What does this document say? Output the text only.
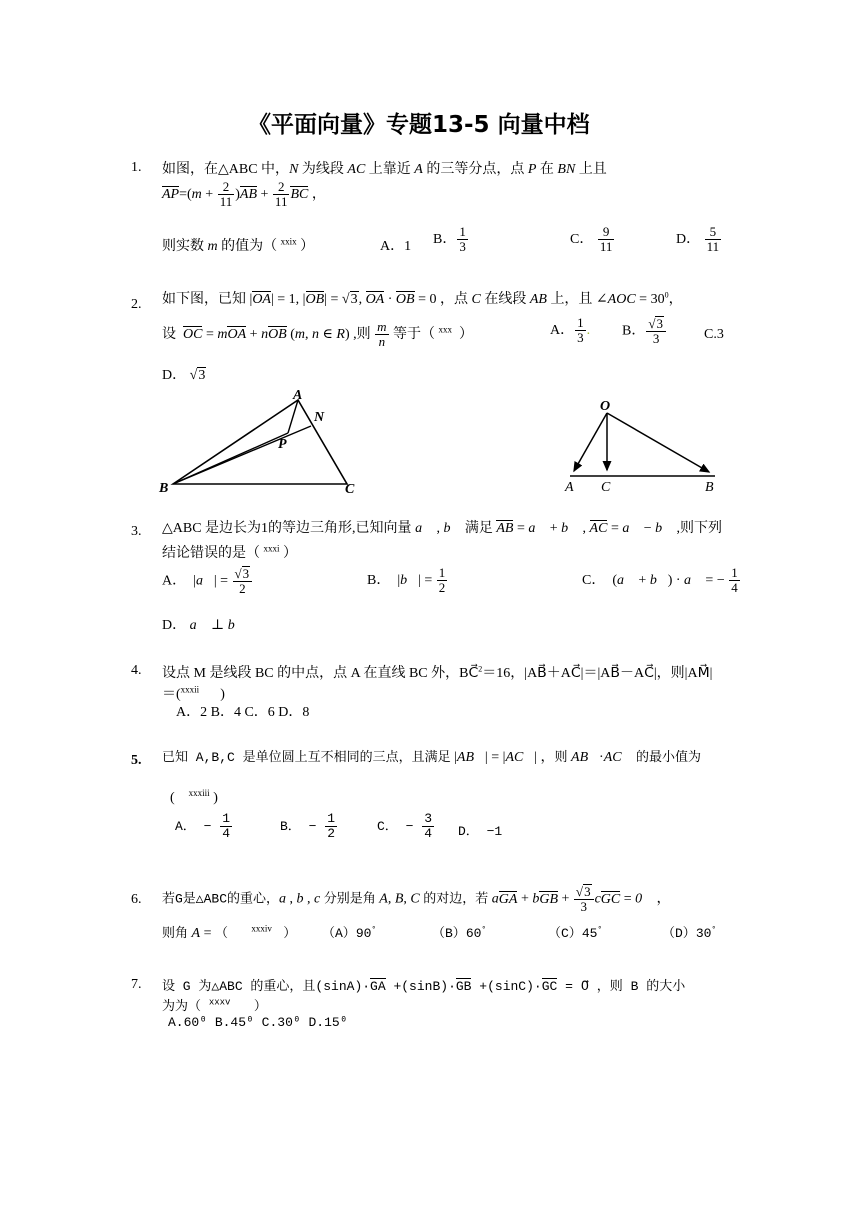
《平面向量》专题13-5 向量中档
1. 如图，在△ABC 中，N 为线段 AC 上靠近 A 的三等分点，点 P 在 BN 上且
$AP=(m + \frac{2}{11} )AB + \frac{2}{11}$ BC ，
则实数 m 的值为（ $^{xxix}$ ）	A．1 B． $\frac{1}{3}$	C． $\frac{9}{11}$	D． $\frac{5}{11}$
2. 如下图，已知 |OA| = 1, |OB| = √3, OA · OB = 0 ，点 C 在线段 AB 上，且 ∠AOC = $30^0$，
设  OC = mOA + nOB (m, n ∈ R) ,则 $\frac{m}{n}$ 等于（ $^{xxx}$  ）	A． $\frac{1}{3}$ . B． $\frac{√3}{3}$	C.3
D． √3
A
N
P
B	C
O
A C	B
3. △ABC 是边长为1的等边三角形,已知向量 a⃗ , b⃗ 满足 AB = a⃗ + b⃗ , AC = a⃗ − b⃗ ,则下列
结论错误的是（ $^{xxxi}$ ）
A．  |a⃗| = $\frac{√3}{2}$	B．  |b⃗| = $\frac{1}{2}$	C．  (a⃗ + b⃗) · a⃗ = − $\frac{1}{4}$
D． a⃗ ⊥ b⃗
4. 设点 M 是线段 BC 的中点，点 A 在直线 BC 外，BC⃗$^2$＝16，|AB⃗＋AC⃗|＝|AB⃗－AC⃗|，则|AM⃗|
＝($^{xxxii}$      )
A．2 B．4 C．6 D．8
5. 已知 A,B,C 是单位圆上互不相同的三点，且满足 |AB⃗| = |AC⃗| ，则 AB⃗·AC⃗ 的最小值为
(    $^{xxxiii}$ )
A． − $\frac{1}{4}$	B． − $\frac{1}{2}$	C． − $\frac{3}{4}$ D． −1
6. 若G是△ABC的重心，a , b , c 分别是角 A, B, C 的对边，若 aGA + bGB + $\frac{√3}{3}$ cGC = 0⃗ ，
则角 A = （   $^{xxxiv}$  ） （A）90°	（B）60°	（C）45°	（D）30°
7. 设 G 为△ABC 的重心，且(sinA)·GA +(sinB)·GB +(sinC)·GC = 0⃗ ，则 B 的大小
为为（ $^{xxxv}$   ）
A.60⁰ B.45⁰ C.30⁰ D.15⁰
